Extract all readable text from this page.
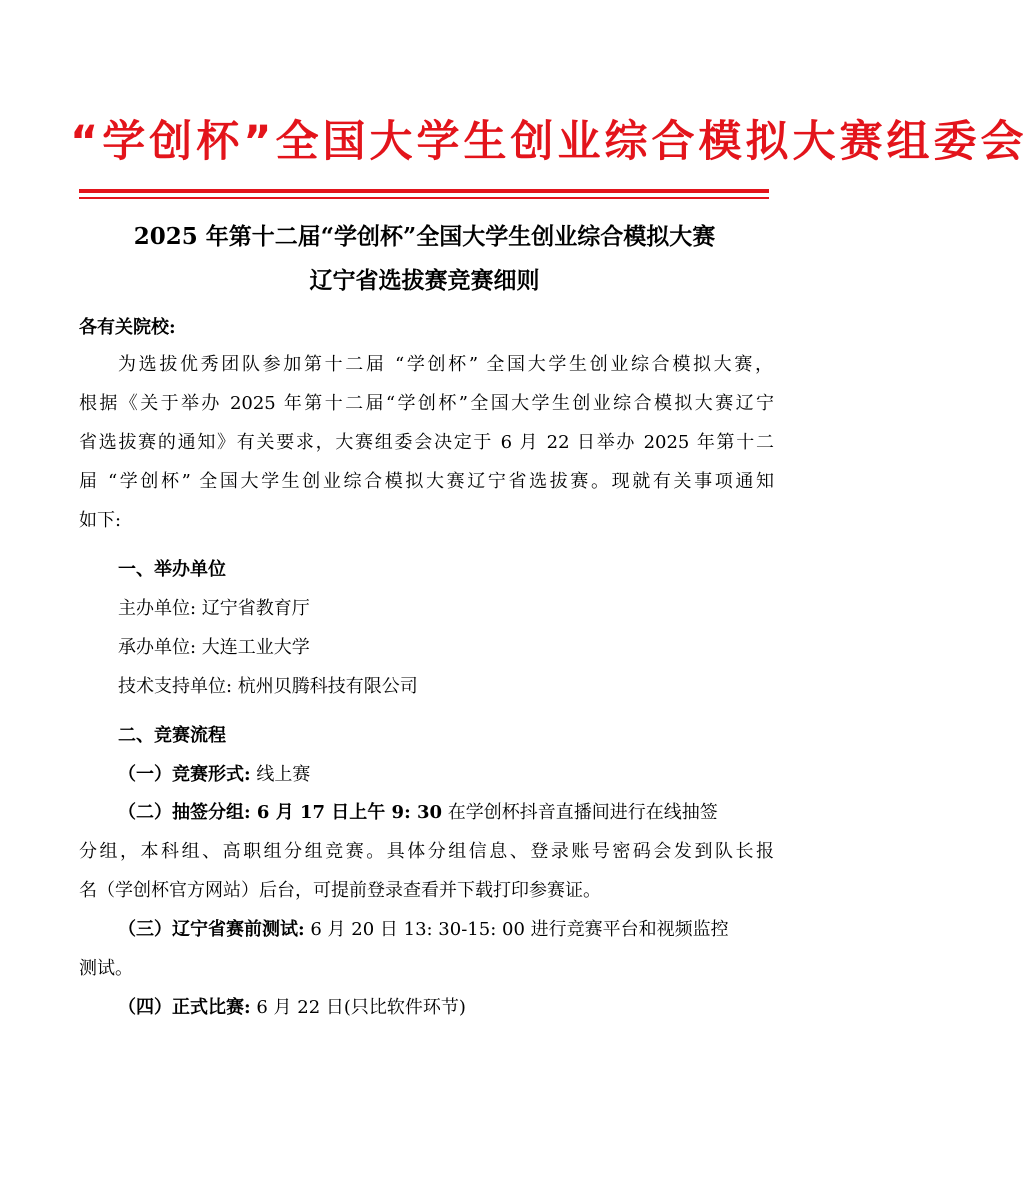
“学创杯”全国大学生创业综合模拟大赛组委会
2025 年第十二届“学创杯”全国大学生创业综合模拟大赛
辽宁省选拔赛竞赛细则
各有关院校:
为选拔优秀团队参加第十二届 “学创杯” 全国大学生创业综合模拟大赛，
根据《关于举办 2025 年第十二届“学创杯”全国大学生创业综合模拟大赛辽宁
省选拔赛的通知》有关要求，大赛组委会决定于 6 月 22 日举办 2025 年第十二
届 “学创杯” 全国大学生创业综合模拟大赛辽宁省选拔赛。现就有关事项通知
如下:
一、举办单位
主办单位: 辽宁省教育厅
承办单位: 大连工业大学
技术支持单位: 杭州贝腾科技有限公司
二、竞赛流程
（一）竞赛形式: 线上赛
（二）抽签分组: 6 月 17 日上午 9: 30 在学创杯抖音直播间进行在线抽签
分组，本科组、高职组分组竞赛。具体分组信息、登录账号密码会发到队长报
名（学创杯官方网站）后台，可提前登录查看并下载打印参赛证。
（三）辽宁省赛前测试: 6 月 20 日 13: 30-15: 00 进行竞赛平台和视频监控
测试。
（四）正式比赛: 6 月 22 日(只比软件环节)
